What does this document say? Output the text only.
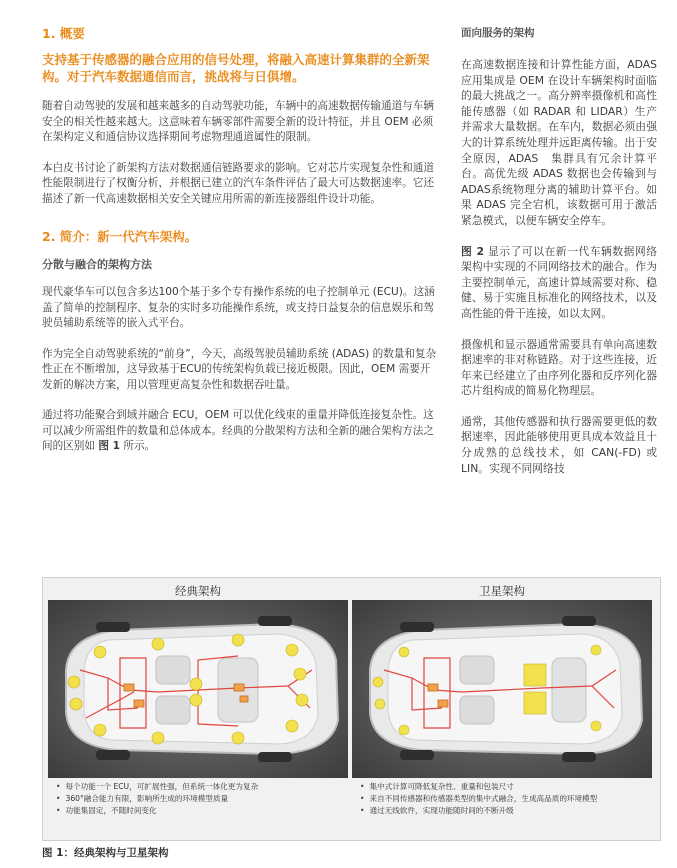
1. 概要
支持基于传感器的融合应用的信号处理，将融入高速计算集群的全新架构。对于汽车数据通信而言，挑战将与日俱增。
随着自动驾驶的发展和越来越多的自动驾驶功能，车辆中的高速数据传输通道与车辆安全的相关性越来越大。这意味着车辆零部件需要全新的设计特征，并且 OEM 必须在架构定义和通信协议选择期间考虑物理通道属性的限制。
本白皮书讨论了新架构方法对数据通信链路要求的影响。它对芯片实现复杂性和通道性能限制进行了权衡分析，并根据已建立的汽车条件评估了最大可达数据速率。它还描述了新一代高速数据相关安全关键应用所需的新连接器组件设计功能。
2. 简介：新一代汽车架构。
分散与融合的架构方法
现代豪华车可以包含多达100个基于多个专有操作系统的电子控制单元 (ECU)。这涵盖了简单的控制程序、复杂的实时多功能操作系统，或支持日益复杂的信息娱乐和驾驶员辅助系统等的嵌入式平台。
作为完全自动驾驶系统的“前身”，今天，高级驾驶员辅助系统 (ADAS) 的数量和复杂性正在不断增加，这导致基于ECU的传统架构负载已接近极限。因此，OEM 需要开发新的解决方案，用以管理更高复杂性和数据吞吐量。
通过将功能聚合到域并融合 ECU，OEM 可以优化线束的重量并降低连接复杂性。这可以减少所需组件的数量和总体成本。经典的分散架构方法和全新的融合架构方法之间的区别如 图 1 所示。
面向服务的架构
在高速数据连接和计算性能方面，ADAS 应用集成是 OEM 在设计车辆架构时面临的最大挑战之一。高分辨率摄像机和高性能传感器（如 RADAR 和 LIDAR）生产并需求大量数据。在车内，数据必须由强大的计算系统处理并远距离传输。出于安全原因，ADAS　集群具有冗余计算平台。高优先级 ADAS 数据也会传输到与 ADAS系统物理分离的辅助计算平台。如果 ADAS 完全宕机，该数据可用于激活紧急模式，以便车辆安全停车。
图 2 显示了可以在新一代车辆数据网络架构中实现的不同网络技术的融合。作为主要控制单元，高速计算域需要对称、稳健、易于实施且标准化的网络技术，以及高性能的骨干连接，如以太网。
摄像机和显示器通常需要具有单向高速数据速率的非对称链路。对于这些连接，近年来已经建立了由序列化器和反序列化器芯片组构成的简易化物理层。
通常，其他传感器和执行器需要更低的数据速率，因此能够使用更具成本效益且十分成熟的总线技术，如 CAN(-FD) 或 LIN。实现不同网络技
经典架构
• 每个功能一个 ECU，可扩展性强，但系统一体化更为复杂
• 360°融合能力有限，影响所生成的环境模型质量
• 功能集固定，不随时间变化
卫星架构
• 集中式计算可降低复杂性、重量和包装尺寸
• 来自不同传感器和传感器类型的集中式融合，生成高品质的环境模型
• 通过无线软件，实现功能随时间的不断升级
图 1：经典架构与卫星架构
